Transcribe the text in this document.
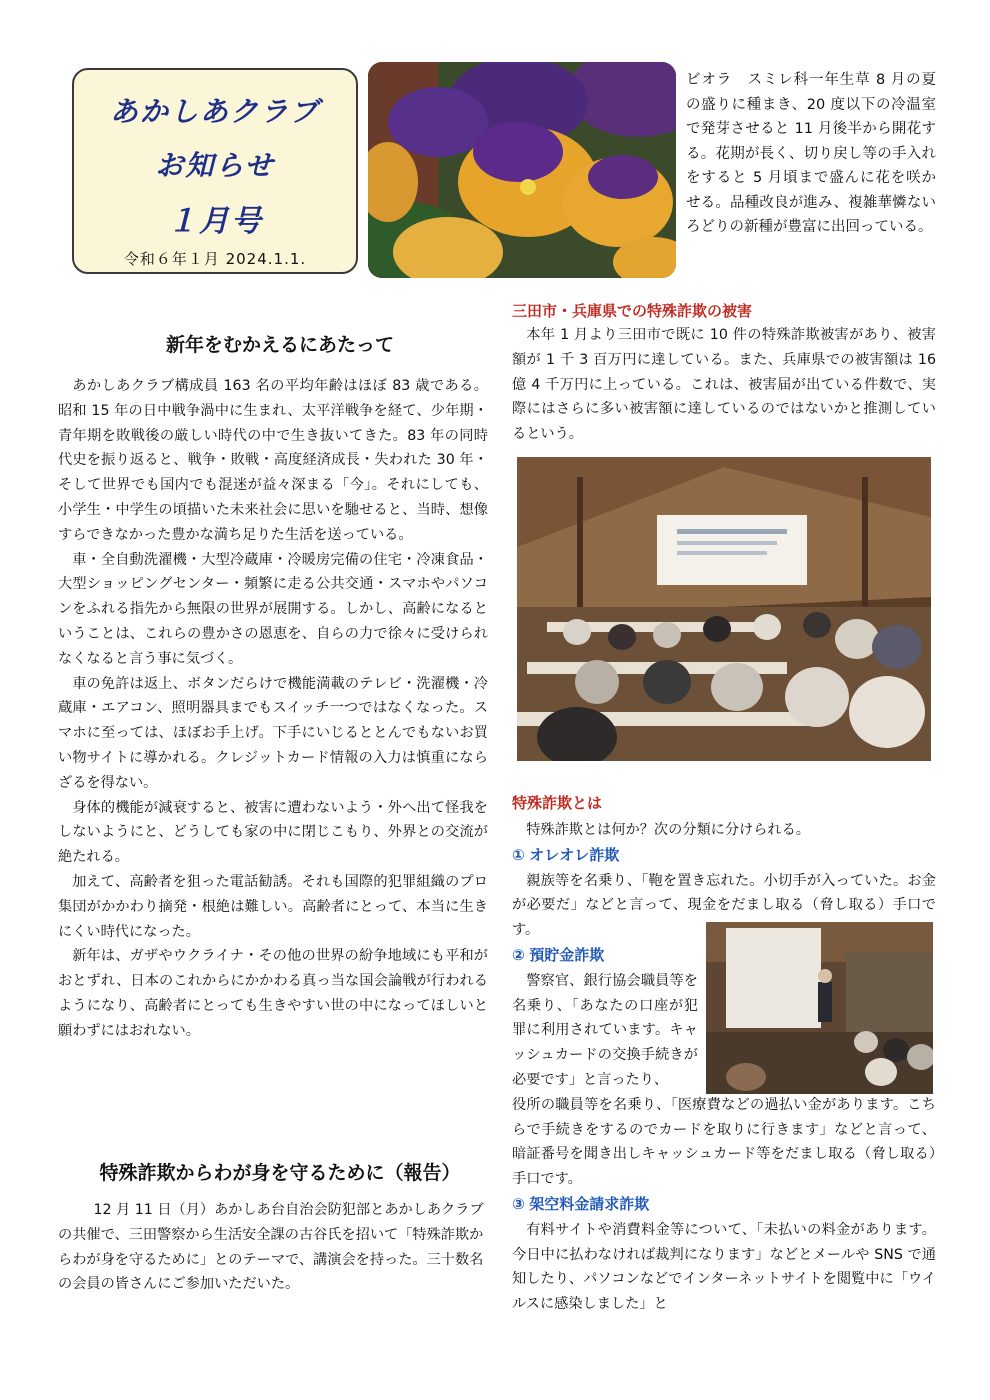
あかしあクラブ
お知らせ
１月号
令和６年１月 2024.1.1.
ビオラ　スミレ科一年生草 8 月の夏の盛りに種まき、20 度以下の冷温室で発芽させると 11 月後半から開花する。花期が長く、切り戻し等の手入れをすると 5 月頃まで盛んに花を咲かせる。品種改良が進み、複雑華憐ないろどりの新種が豊富に出回っている。
新年をむかえるにあたって

あかしあクラブ構成員 163 名の平均年齢はほぼ 83 歳である。昭和 15 年の日中戦争渦中に生まれ、太平洋戦争を経て、少年期・青年期を敗戦後の厳しい時代の中で生き抜いてきた。83 年の同時代史を振り返ると、戦争・敗戦・高度経済成長・失われた 30 年・そして世界でも国内でも混迷が益々深まる「今」。それにしても、小学生・中学生の頃描いた未来社会に思いを馳せると、当時、想像すらできなかった豊かな満ち足りた生活を送っている。

車・全自動洗濯機・大型冷蔵庫・冷暖房完備の住宅・冷凍食品・大型ショッピングセンター・頻繁に走る公共交通・スマホやパソコンをふれる指先から無限の世界が展開する。しかし、高齢になるということは、これらの豊かさの恩恵を、自らの力で徐々に受けられなくなると言う事に気づく。

車の免許は返上、ボタンだらけで機能満載のテレビ・洗濯機・冷蔵庫・エアコン、照明器具までもスイッチ一つではなくなった。スマホに至っては、ほぼお手上げ。下手にいじるととんでもないお買い物サイトに導かれる。クレジットカード情報の入力は慎重にならざるを得ない。

身体的機能が減衰すると、被害に遭わないよう・外へ出て怪我をしないようにと、どうしても家の中に閉じこもり、外界との交流が絶たれる。

加えて、高齢者を狙った電話勧誘。それも国際的犯罪組織のプロ集団がかかわり摘発・根絶は難しい。高齢者にとって、本当に生きにくい時代になった。

新年は、ガザやウクライナ・その他の世界の紛争地域にも平和がおとずれ、日本のこれからにかかわる真っ当な国会論戦が行われるようになり、高齢者にとっても生きやすい世の中になってほしいと願わずにはおれない。

特殊詐欺からわが身を守るために（報告）

12 月 11 日（月）あかしあ台自治会防犯部とあかしあクラブの共催で、三田警察から生活安全課の古谷氏を招いて「特殊詐欺からわが身を守るために」とのテーマで、講演会を持った。三十数名の会員の皆さんにご参加いただいた。

三田市・兵庫県での特殊詐欺の被害

本年 1 月より三田市で既に 10 件の特殊詐欺被害があり、被害額が 1 千 3 百万円に達している。また、兵庫県での被害額は 16 億 4 千万円に上っている。これは、被害届が出ている件数で、実際にはさらに多い被害額に達しているのではないかと推測しているという。

特殊詐欺とは

特殊詐欺とは何か？次の分類に分けられる。

① オレオレ詐欺

親族等を名乗り、「鞄を置き忘れた。小切手が入っていた。お金が必要だ」などと言って、現金をだまし取る（脅し取る）手口です。

② 預貯金詐欺

警察官、銀行協会職員等を名乗り、「あなたの口座が犯罪に利用されています。キャッシュカードの交換手続きが必要です」と言ったり、

役所の職員等を名乗り、「医療費などの過払い金があります。こちらで手続きをするのでカードを取りに行きます」などと言って、暗証番号を聞き出しキャッシュカード等をだまし取る（脅し取る）手口です。

③ 架空料金請求詐欺

有料サイトや消費料金等について、「未払いの料金があります。今日中に払わなければ裁判になります」などとメールや SNS で通知したり、パソコンなどでインターネットサイトを閲覧中に「ウイルスに感染しました」と
